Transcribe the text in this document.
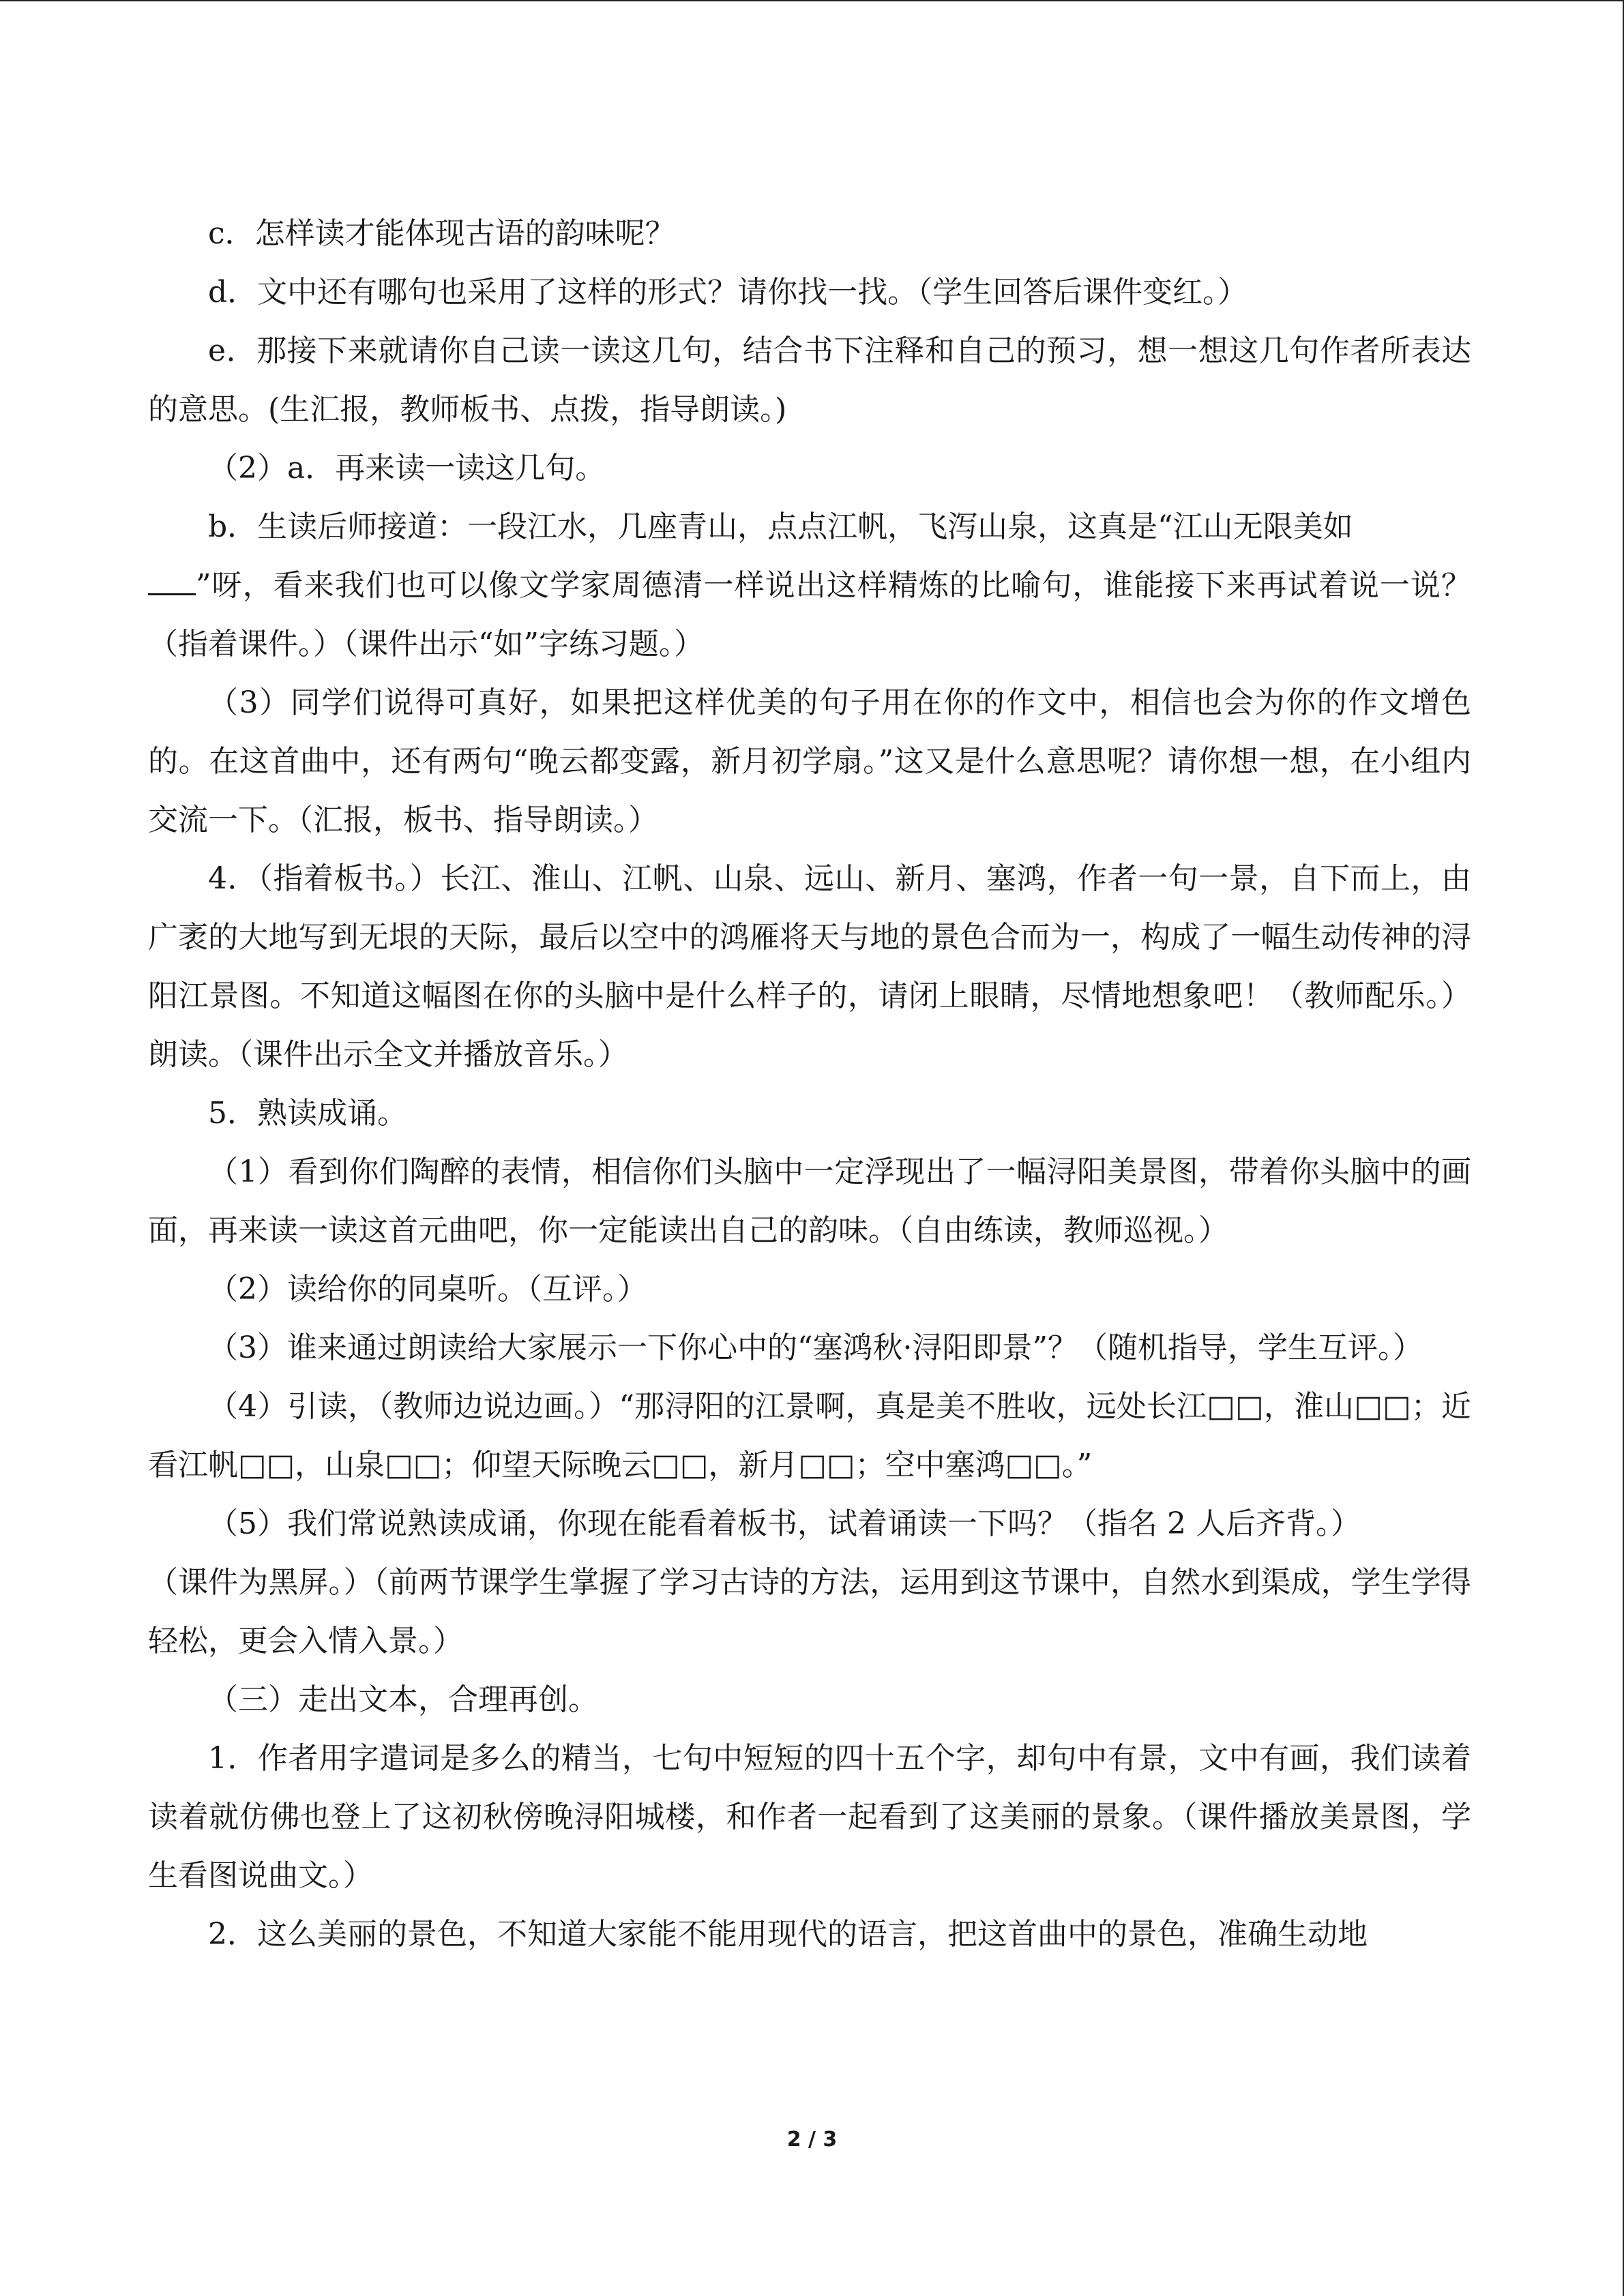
c．怎样读才能体现古语的韵味呢？

d．文中还有哪句也采用了这样的形式？请你找一找。（学生回答后课件变红。）

e．那接下来就请你自己读一读这几句，结合书下注释和自己的预习，想一想这几句作者所表达的意思。(生汇报，教师板书、点拨，指导朗读。)

（2）a．再来读一读这几句。

b．生读后师接道：一段江水，几座青山，点点江帆，飞泻山泉，这真是“江山无限美如
”呀，看来我们也可以像文学家周德清一样说出这样精炼的比喻句，谁能接下来再试着说一说？（指着课件。）（课件出示“如”字练习题。）

（3）同学们说得可真好，如果把这样优美的句子用在你的作文中，相信也会为你的作文增色的。在这首曲中，还有两句“晚云都变露，新月初学扇。”这又是什么意思呢？请你想一想，在小组内交流一下。（汇报，板书、指导朗读。）

4．（指着板书。）长江、淮山、江帆、山泉、远山、新月、塞鸿，作者一句一景，自下而上，由广袤的大地写到无垠的天际，最后以空中的鸿雁将天与地的景色合而为一，构成了一幅生动传神的浔阳江景图。不知道这幅图在你的头脑中是什么样子的，请闭上眼睛，尽情地想象吧！（教师配乐。）朗读。（课件出示全文并播放音乐。）

5．熟读成诵。

（1）看到你们陶醉的表情，相信你们头脑中一定浮现出了一幅浔阳美景图，带着你头脑中的画面，再来读一读这首元曲吧，你一定能读出自己的韵味。（自由练读，教师巡视。）

（2）读给你的同桌听。（互评。）

（3）谁来通过朗读给大家展示一下你心中的“塞鸿秋·浔阳即景”？（随机指导，学生互评。）

（4）引读，（教师边说边画。）“那浔阳的江景啊，真是美不胜收，远处长江□□，淮山□□；近看江帆□□，山泉□□；仰望天际晚云□□，新月□□；空中塞鸿□□。”

（5）我们常说熟读成诵，你现在能看着板书，试着诵读一下吗？（指名 2 人后齐背。）

（课件为黑屏。）（前两节课学生掌握了学习古诗的方法，运用到这节课中，自然水到渠成，学生学得轻松，更会入情入景。）

（三）走出文本，合理再创。

1．作者用字遣词是多么的精当，七句中短短的四十五个字，却句中有景，文中有画，我们读着读着就仿佛也登上了这初秋傍晚浔阳城楼，和作者一起看到了这美丽的景象。（课件播放美景图，学生看图说曲文。）

2．这么美丽的景色，不知道大家能不能用现代的语言，把这首曲中的景色，准确生动地

2 / 3
